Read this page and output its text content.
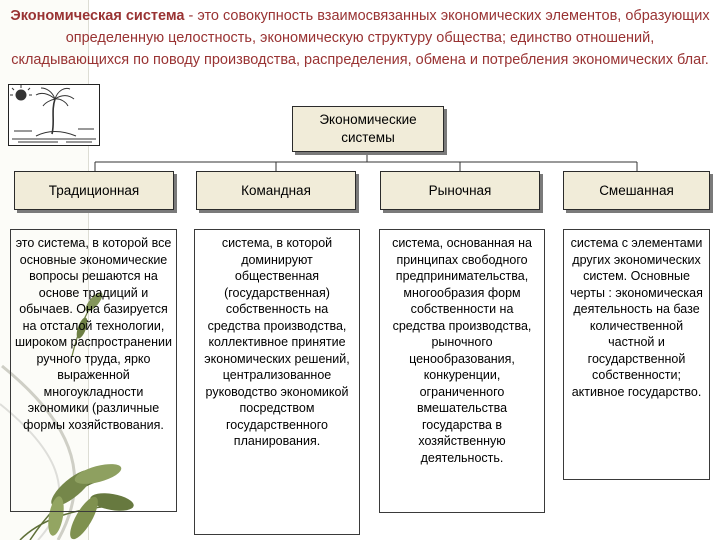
Экономическая система - это совокупность взаимосвязанных экономических элементов, образующих определенную целостность, экономическую структуру общества; единство отношений, складывающихся по поводу производства, распределения, обмена и потребления экономических благ.
Экономические системы
Традиционная	Командная	Рыночная	Смешанная
это система, в которой все основные экономические вопросы решаются на основе традиций и обычаев. Она базируется на отсталой технологии, широком распространении ручного труда, ярко выраженной многоукладности экономики (различные формы хозяйствования.
система, в которой доминируют общественная (государственная) собственность на средства производства, коллективное принятие экономических решений, централизованное руководство экономикой посредством государственного планирования.
система, основанная на принципах свободного предпринимательства, многообразия форм собственности на средства производства, рыночного ценообразования, конкуренции, ограниченного вмешательства государства в хозяйственную деятельность.
система с элементами других экономических систем. Основные черты : экономическая деятельность на базе количественной частной и государственной собственности; активное государство.
